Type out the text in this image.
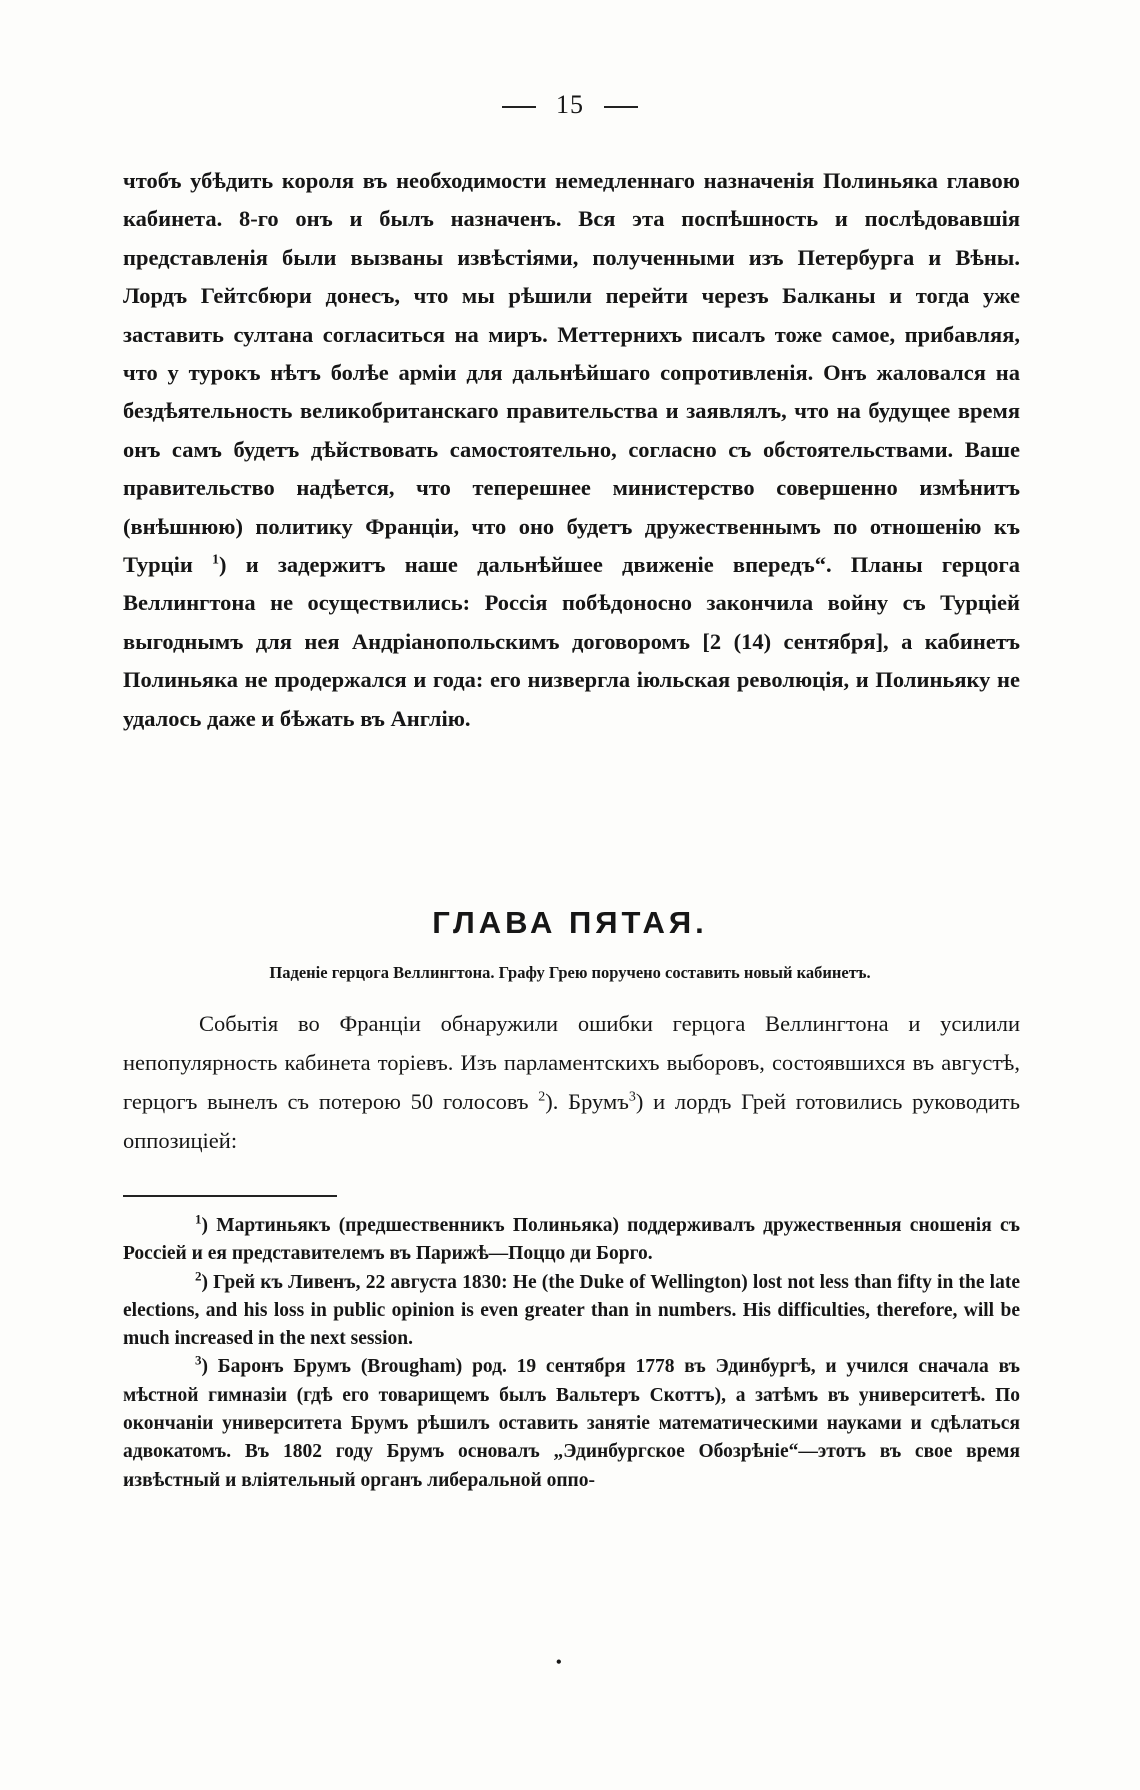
15

чтобъ убѣдить короля въ необходимости немедленнаго назначенія Полиньяка главою кабинета. 8-го онъ и былъ назначенъ. Вся эта поспѣшность и послѣдовавшія представленія были вызваны извѣстіями, полученными изъ Петербурга и Вѣны. Лордъ Гейтсбюри донесъ, что мы рѣшили перейти черезъ Балканы и тогда уже заставить султана согласиться на миръ. Меттернихъ писалъ тоже самое, прибавляя, что у турокъ нѣтъ болѣе арміи для дальнѣйшаго сопротивленія. Онъ жаловался на бездѣятельность великобританскаго правительства и заявлялъ, что на будущее время онъ самъ будетъ дѣйствовать самостоятельно, согласно съ обстоятельствами. Ваше правительство надѣется, что теперешнее министерство совершенно измѣнитъ (внѣшнюю) политику Франціи, что оно будетъ дружественнымъ по отношенію къ Турціи $^1$) и задержитъ наше дальнѣйшее движеніе впередъ“. Планы герцога Веллингтона не осуществились: Россія побѣдоносно закончила войну съ Турціей выгоднымъ для нея Андріанопольскимъ договоромъ [2 (14) сентября], а кабинетъ Полиньяка не продержался и года: его низвергла іюльская революція, и Полиньяку не удалось даже и бѣжать въ Англію.

ГЛАВА ПЯТАЯ.
Паденіе герцога Веллингтона. Графу Грею поручено составить новый кабинетъ.

Событія во Франціи обнаружили ошибки герцога Веллингтона и усилили непопулярность кабинета торіевъ. Изъ парламентскихъ выборовъ, состоявшихся въ августѣ, герцогъ вынелъ съ потерою 50 голосовъ $^2$). Брумъ$^3$) и лордъ Грей готовились руководить оппозиціей:

$^1$) Мартиньякъ (предшественникъ Полиньяка) поддерживалъ дружественныя сношенія съ Россіей и ея представителемъ въ Парижѣ—Поццо ди Борго.

$^2$) Грей къ Ливенъ, 22 августа 1830: He (the Duke of Wellington) lost not less than fifty in the late elections, and his loss in public opinion is even greater than in numbers. His difficulties, therefore, will be much increased in the next session.

$^3$) Баронъ Брумъ (Brougham) род. 19 сентября 1778 въ Эдинбургѣ, и учился сначала въ мѣстной гимназіи (гдѣ его товарищемъ былъ Вальтеръ Скоттъ), а затѣмъ въ университетѣ. По окончаніи университета Брумъ рѣшилъ оставить занятіе математическими науками и сдѣлаться адвокатомъ. Въ 1802 году Брумъ основалъ „Эдинбургское Обозрѣніе“—этотъ въ свое время извѣстный и вліятельный органъ либеральной оппо-

•
